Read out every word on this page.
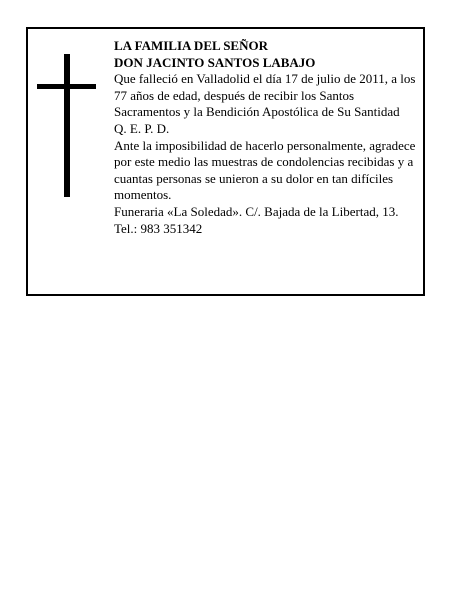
LA FAMILIA DEL SEÑOR
DON JACINTO SANTOS LABAJO

Que falleció en Valladolid el día 17 de julio de 2011, a los 77 años de edad, después de recibir los Santos Sacramentos y la Bendición Apostólica de Su Santidad

Q. E. P. D.

Ante la imposibilidad de hacerlo personalmente, agradece por este medio las muestras de condolencias recibidas y a cuantas personas se unieron a su dolor en tan difíciles momentos.

Funeraria «La Soledad». C/. Bajada de la Libertad, 13.

Tel.: 983 351342
